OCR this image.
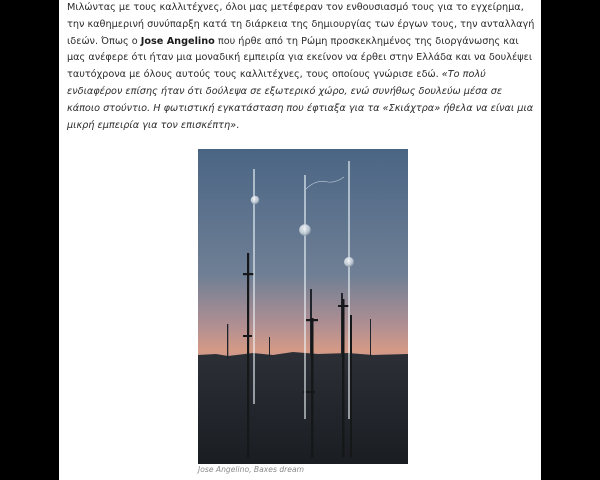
Μιλώντας με τους καλλιτέχνες, όλοι μας μετέφεραν τον ενθουσιασμό τους για το εγχείρημα, την καθημερινή συνύπαρξη κατά τη διάρκεια της δημιουργίας των έργων τους, την ανταλλαγή ιδεών. Όπως ο Jose Angelino που ήρθε από τη Ρώμη προσκεκλημένος της διοργάνωσης και μας ανέφερε ότι ήταν μια μοναδική εμπειρία για εκείνον να έρθει στην Ελλάδα και να δουλέψει ταυτόχρονα με όλους αυτούς τους καλλιτέχνες, τους οποίους γνώρισε εδώ. «Το πολύ ενδιαφέρον επίσης ήταν ότι δούλεψα σε εξωτερικό χώρο, ενώ συνήθως δουλεύω μέσα σε κάποιο στούντιο. Η φωτιστική εγκατάσταση που έφτιαξα για τα «Σκιάχτρα» ήθελα να είναι μια μικρή εμπειρία για τον επισκέπτη».

Jose Angelino, Baxes dream
